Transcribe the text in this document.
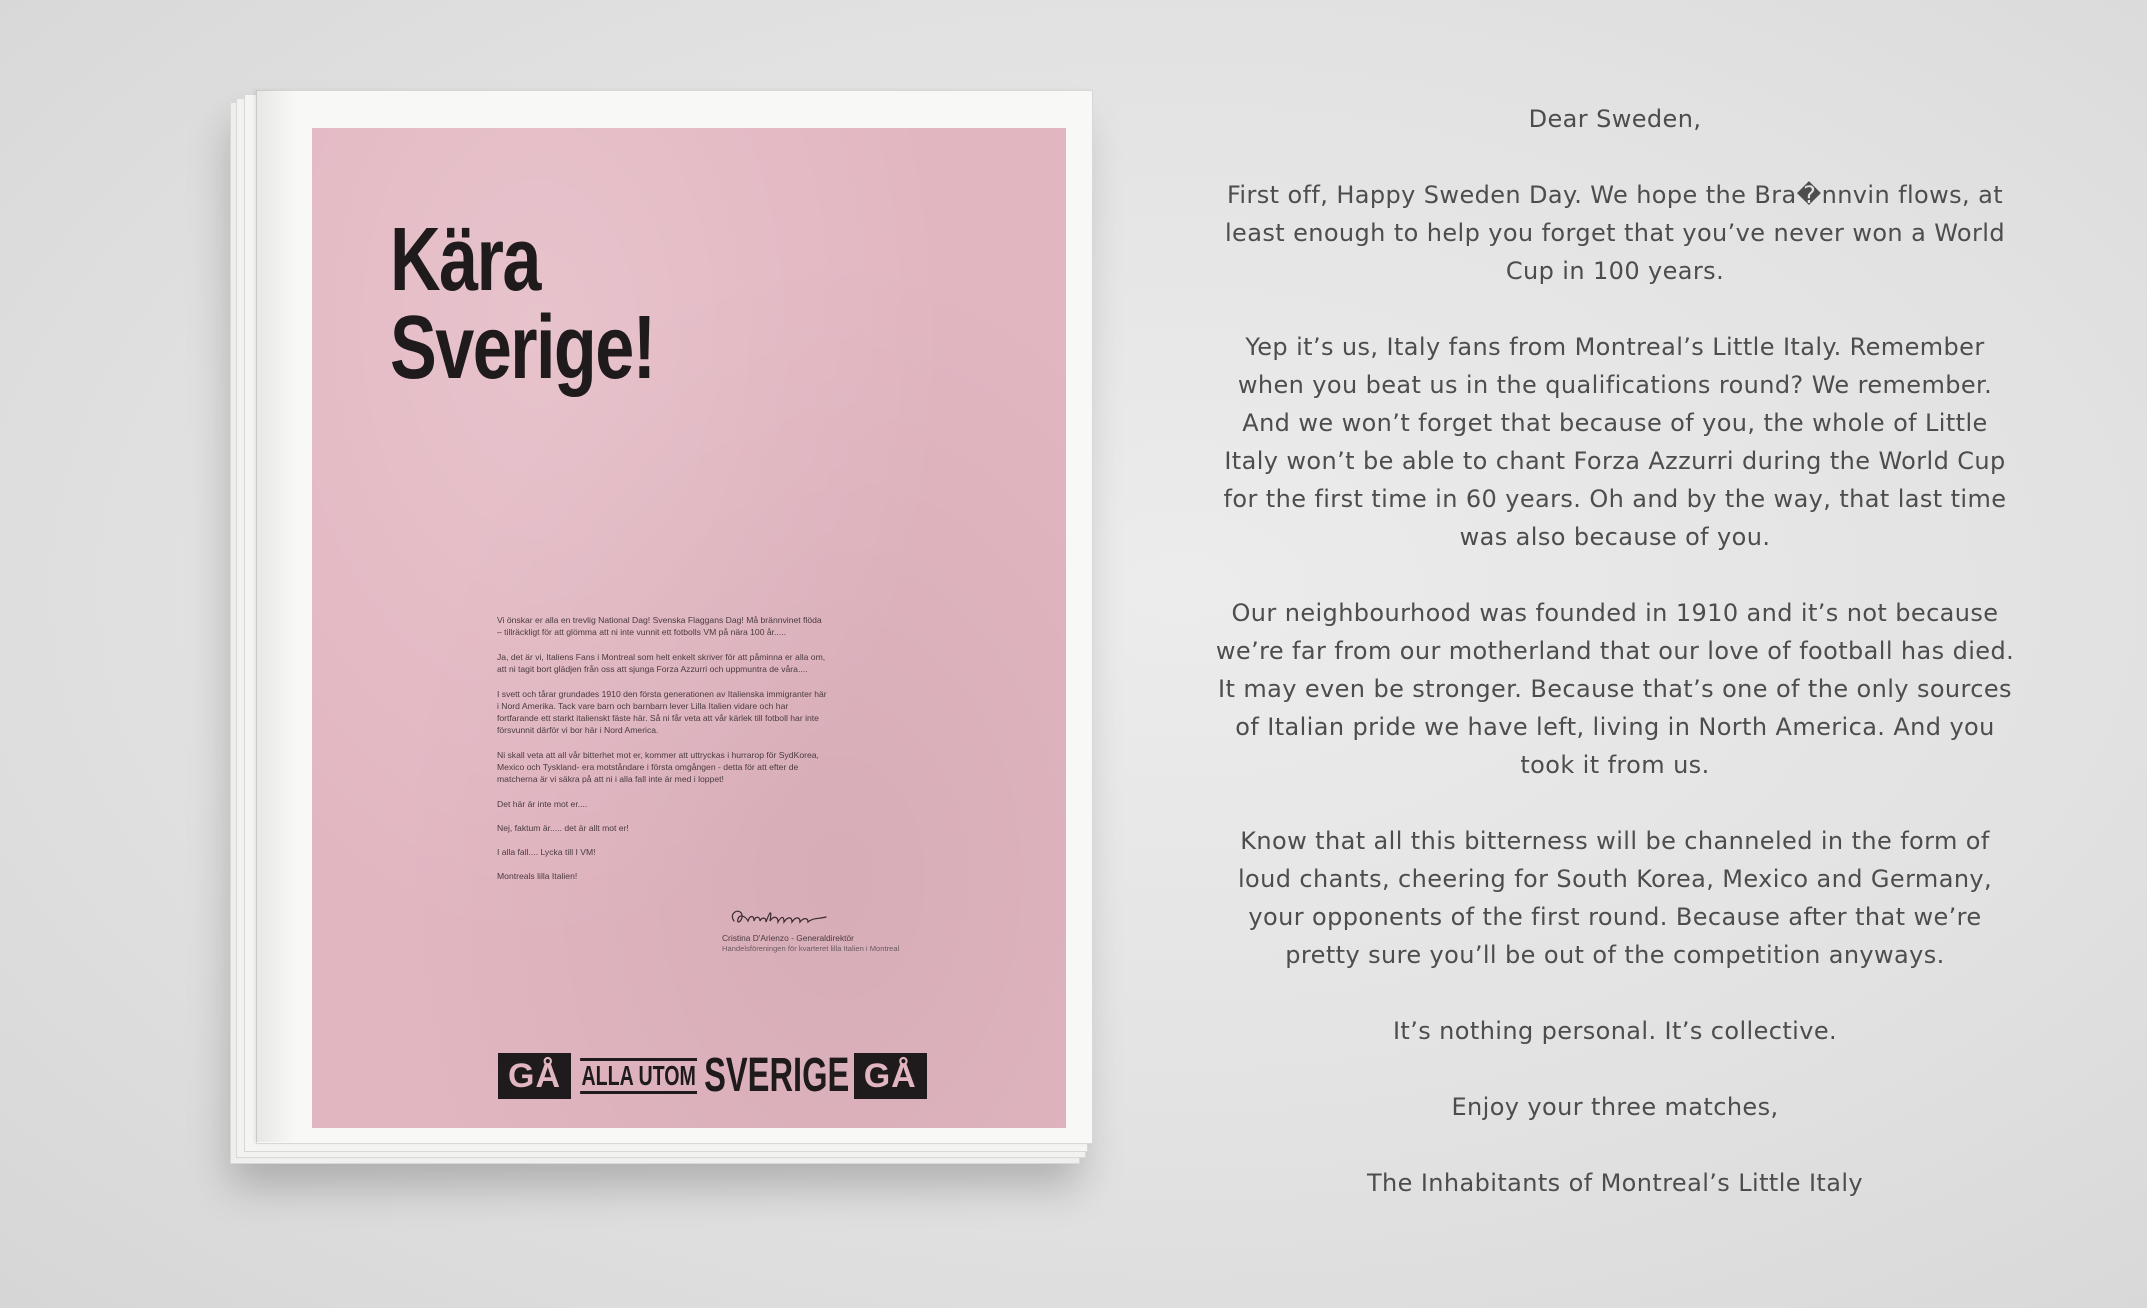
Kära
Sverige!

Vi önskar er alla en trevlig National Dag! Svenska Flaggans Dag! Må brännvinet flöda – tillräckligt för att glömma att ni inte vunnit ett fotbolls VM på nära 100 år.....

Ja, det är vi, Italiens Fans i Montreal som helt enkelt skriver för att påminna er alla om, att ni tagit bort glädjen från oss att sjunga Forza Azzurri och uppmuntra de våra....

I svett och tårar grundades 1910 den första generationen av Italienska immigranter här i Nord Amerika. Tack vare barn och barnbarn lever Lilla Italien vidare och har fortfarande ett starkt italienskt fäste här. Så ni får veta att vår kärlek till fotboll har inte försvunnit därför vi bor här i Nord America.

Ni skall veta att all vår bitterhet mot er, kommer att uttryckas i hurrarop för SydKorea, Mexico och Tyskland- era motståndare i första omgången - detta för att efter de matcherna är vi säkra på att ni i alla fall inte är med i loppet!

Det här är inte mot er....

Nej, faktum är..... det är allt mot er!

I alla fall.... Lycka till I VM!

Montreals lilla Italien!

Cristina D'Arienzo - Generaldirektör
Handelsföreningen för kvarteret lilla Italien i Montreal
GÅ ALLA UTOM SVERIGE GÅ

Dear Sweden,

First off, Happy Sweden Day. We hope the Bra�nnvin flows, at least enough to help you forget that you’ve never won a World Cup in 100 years.

Yep it’s us, Italy fans from Montreal’s Little Italy. Remember when you beat us in the qualifications round? We remember. And we won’t forget that because of you, the whole of Little Italy won’t be able to chant Forza Azzurri during the World Cup for the first time in 60 years. Oh and by the way, that last time was also because of you.

Our neighbourhood was founded in 1910 and it’s not because we’re far from our motherland that our love of football has died. It may even be stronger. Because that’s one of the only sources of Italian pride we have left, living in North America. And you took it from us.

Know that all this bitterness will be channeled in the form of loud chants, cheering for South Korea, Mexico and Germany, your opponents of the first round. Because after that we’re pretty sure you’ll be out of the competition anyways.

It’s nothing personal. It’s collective.

Enjoy your three matches,

The Inhabitants of Montreal’s Little Italy
